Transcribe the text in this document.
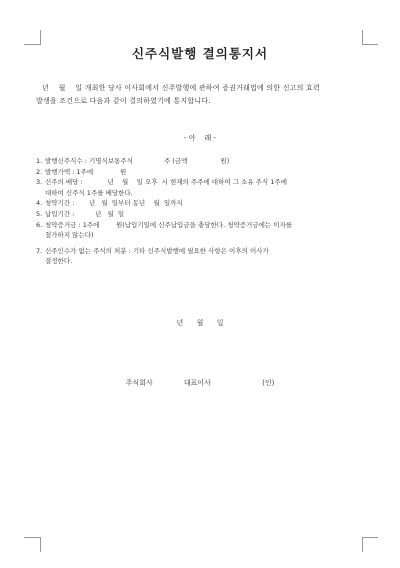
신주식발행 결의통지서
년    월    일 개최한 당사 이사회에서 신주발행에 관하여 증권거래법에 의한 신고의 효력
발생을 조건으로 다음과 같이 결의하였기에 통지합니다.
- 아    래 -
1. 발행신주식수 : 기명식보통주식               주 (금액                원)
2. 발행가액 : 1주에             원
3. 신주의 배당 :            년    월    일 오후  시 현재의 주주에 대하여 그 소유 주식 1주에
대하여 신주식 1주를 배당한다.
4. 청약기간 :       년   월  일부터 동년    월  일까지
5. 납입기간 :          년   월  일
6. 청약증거금 : 1주에        원(납입기일에 신주납입금을 충당한다. 청약증거금에는 이자를
첨가하지 않는다)
7. 신주인수가 없는 주식의 처분 : 기타 신주식발행에 필요한 사항은 이후의 이사가
결정한다.
년      월      일
주식회사              대표이사                       (인)
